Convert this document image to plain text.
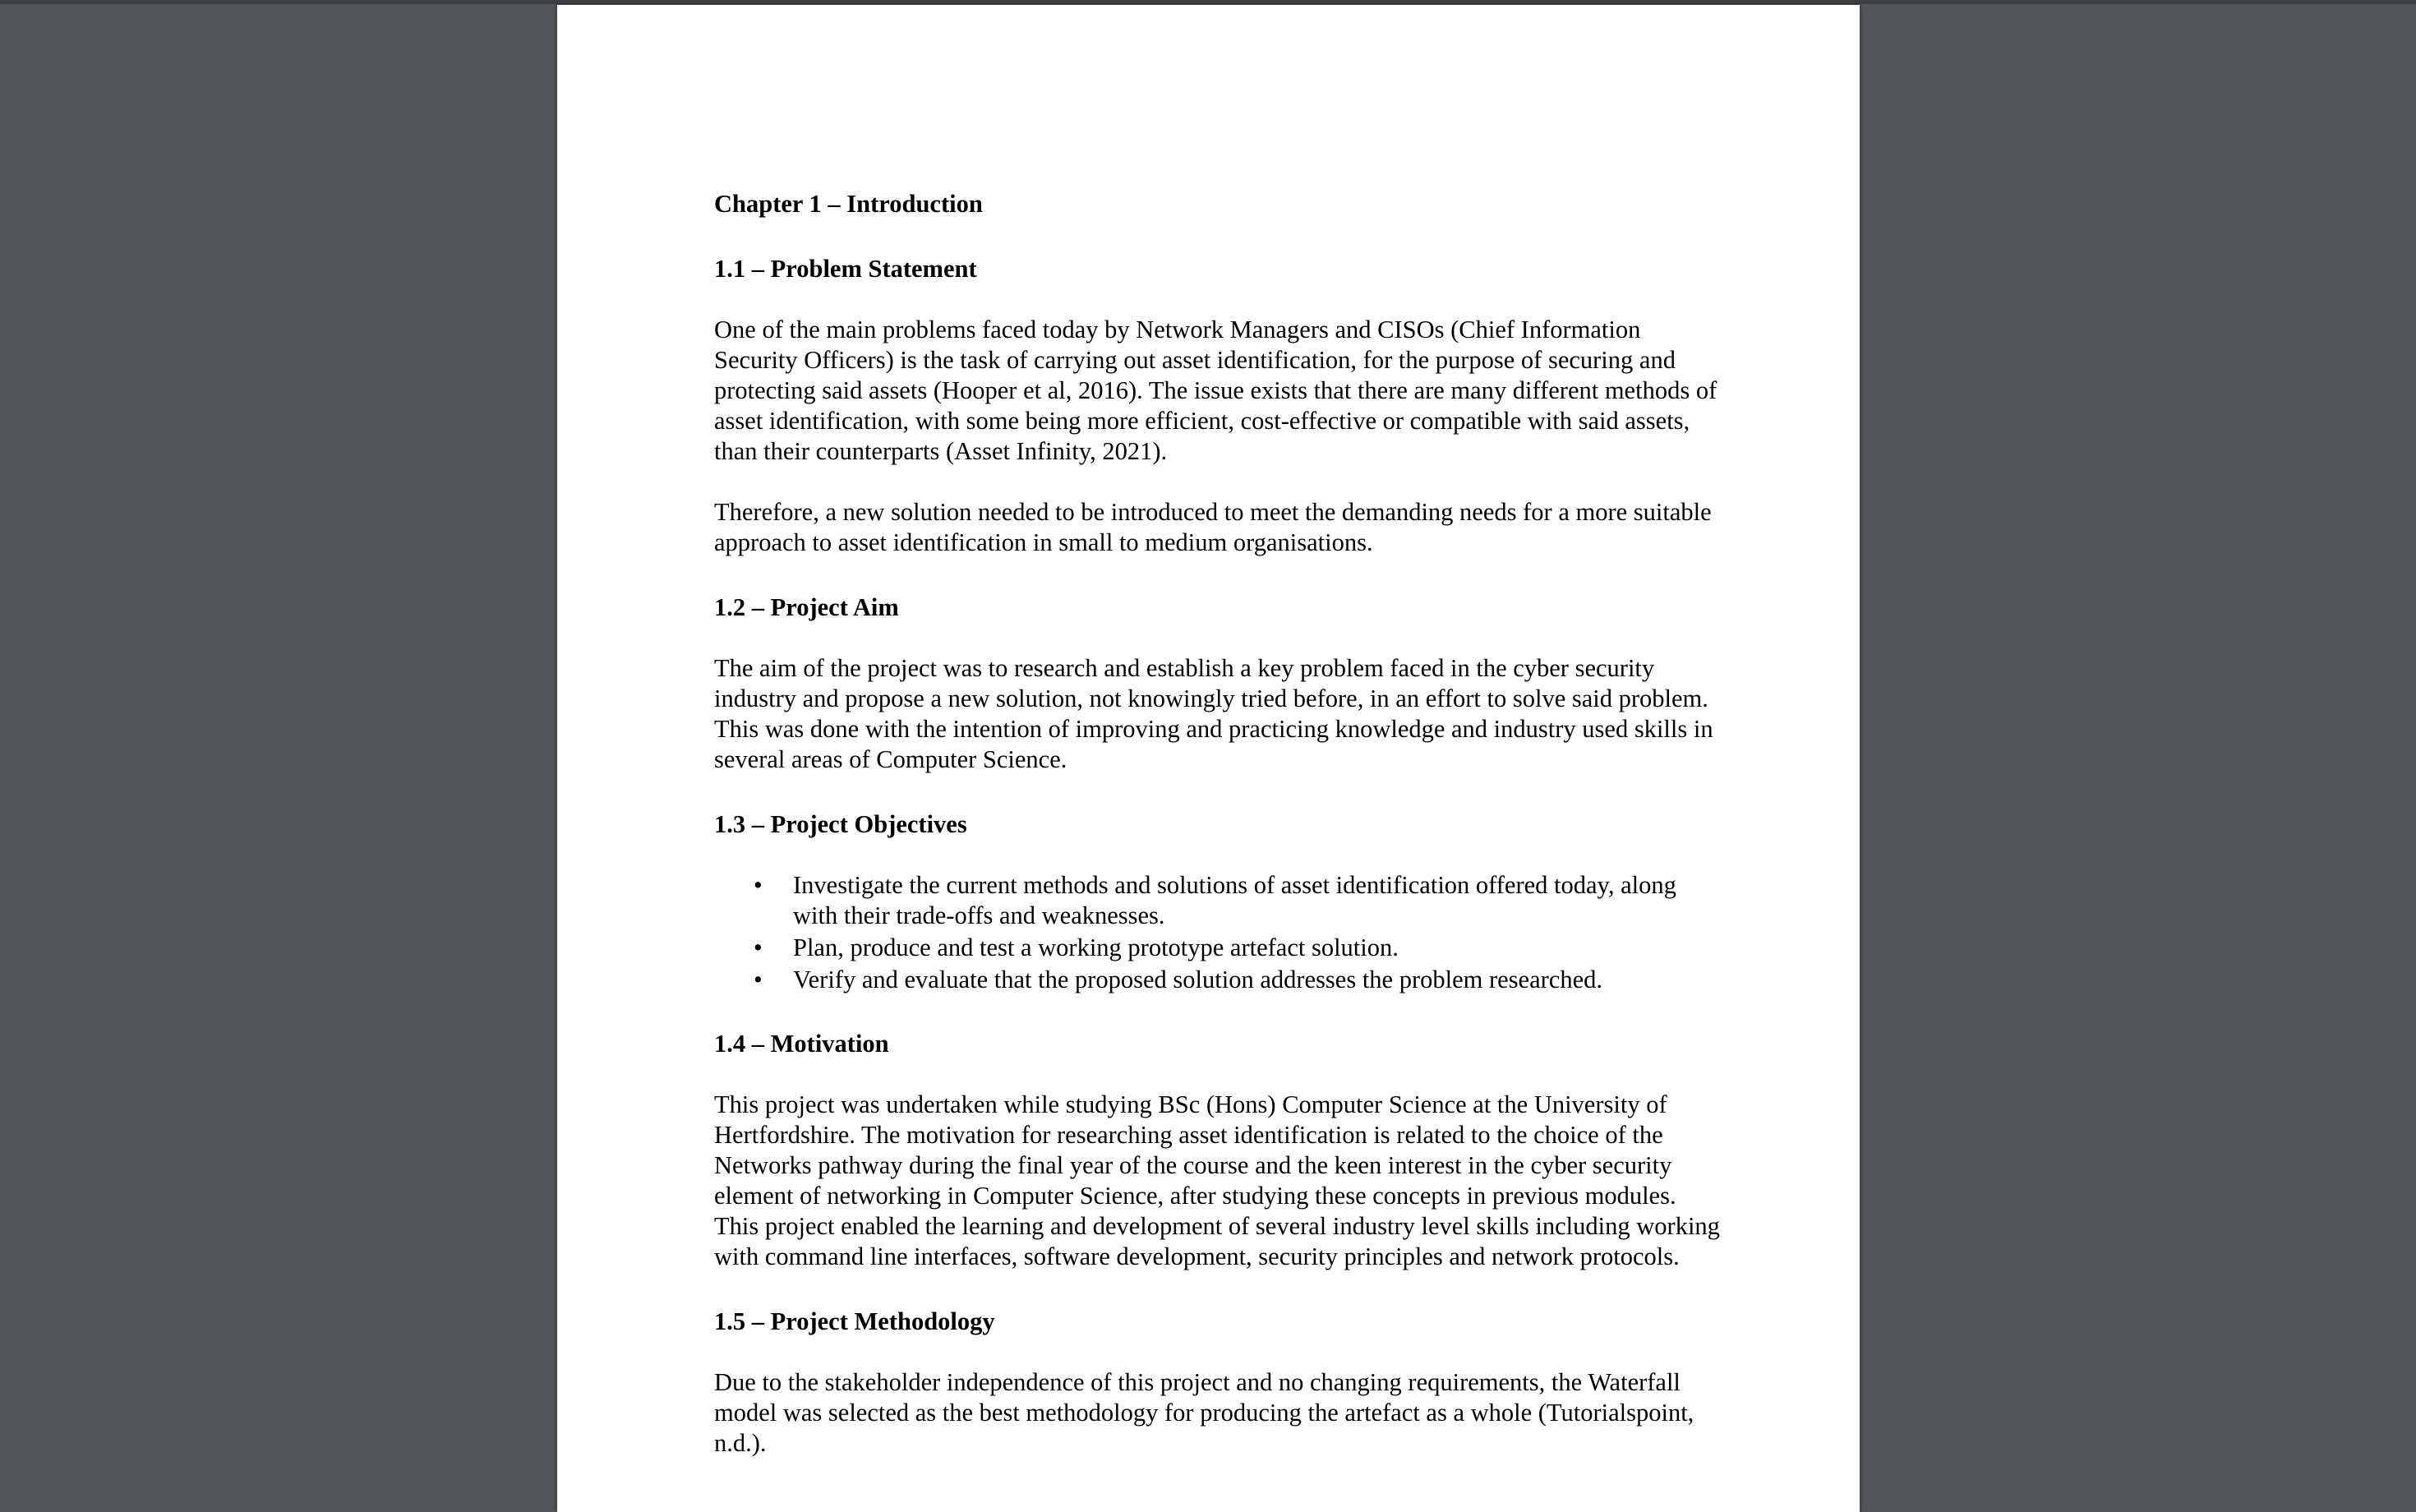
Chapter 1 – Introduction
1.1 – Problem Statement

One of the main problems faced today by Network Managers and CISOs (Chief Information Security Officers) is the task of carrying out asset identification, for the purpose of securing and protecting said assets (Hooper et al, 2016). The issue exists that there are many different methods of asset identification, with some being more efficient, cost-effective or compatible with said assets, than their counterparts (Asset Infinity, 2021).

Therefore, a new solution needed to be introduced to meet the demanding needs for a more suitable approach to asset identification in small to medium organisations.

1.2 – Project Aim

The aim of the project was to research and establish a key problem faced in the cyber security industry and propose a new solution, not knowingly tried before, in an effort to solve said problem. This was done with the intention of improving and practicing knowledge and industry used skills in several areas of Computer Science.

1.3 – Project Objectives
• Investigate the current methods and solutions of asset identification offered today, along with their trade-offs and weaknesses.
• Plan, produce and test a working prototype artefact solution.
• Verify and evaluate that the proposed solution addresses the problem researched.
1.4 – Motivation

This project was undertaken while studying BSc (Hons) Computer Science at the University of Hertfordshire. The motivation for researching asset identification is related to the choice of the Networks pathway during the final year of the course and the keen interest in the cyber security element of networking in Computer Science, after studying these concepts in previous modules. This project enabled the learning and development of several industry level skills including working with command line interfaces, software development, security principles and network protocols.

1.5 – Project Methodology

Due to the stakeholder independence of this project and no changing requirements, the Waterfall model was selected as the best methodology for producing the artefact as a whole (Tutorialspoint, n.d.).
